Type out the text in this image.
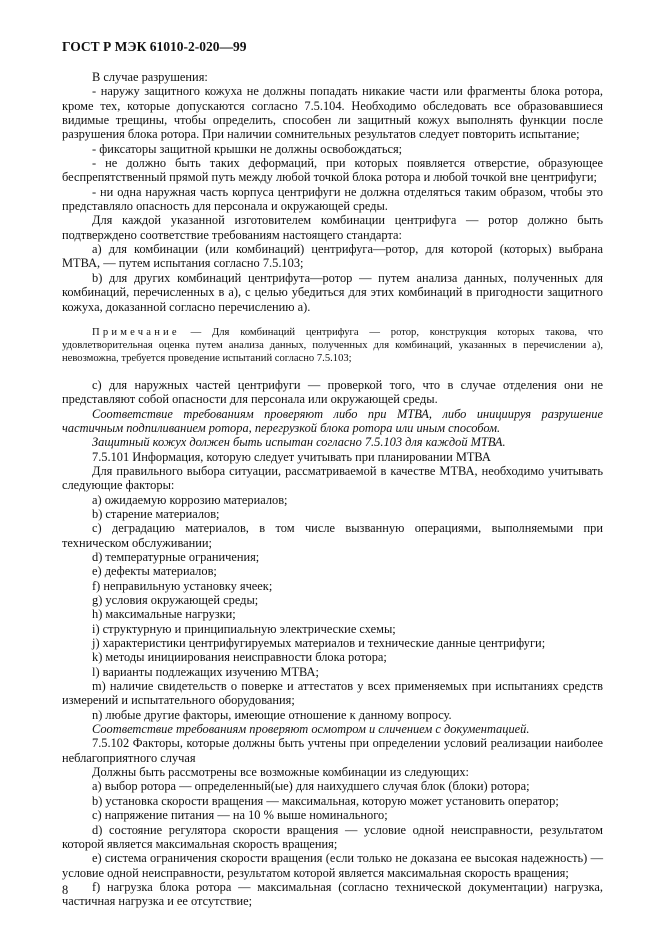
ГОСТ Р МЭК 61010-2-020—99

В случае разрушения:

- наружу защитного кожуха не должны попадать никакие части или фрагменты блока ротора, кроме тех, которые допускаются согласно 7.5.104. Необходимо обследовать все образовавшиеся видимые трещины, чтобы определить, способен ли защитный кожух выполнять функции после разрушения блока ротора. При наличии сомнительных результатов следует повторить испытание;

- фиксаторы защитной крышки не должны освобождаться;

- не должно быть таких деформаций, при которых появляется отверстие, образующее беспрепятственный прямой путь между любой точкой блока ротора и любой точкой вне центрифуги;

- ни одна наружная часть корпуса центрифуги не должна отделяться таким образом, чтобы это представляло опасность для персонала и окружающей среды.

Для каждой указанной изготовителем комбинации центрифуга — ротор должно быть подтверждено соответствие требованиям настоящего стандарта:

a) для комбинации (или комбинаций) центрифуга—ротор, для которой (которых) выбрана МТВА, — путем испытания согласно 7.5.103;

b) для других комбинаций центрифута—ротор — путем анализа данных, полученных для комбинаций, перечисленных в а), с целью убедиться для этих комбинаций в пригодности защитного кожуха, доказанной согласно перечислению а).

Примечание — Для комбинаций центрифуга — ротор, конструкция которых такова, что удовлетворительная оценка путем анализа данных, полученных для комбинаций, указанных в перечислении а), невозможна, требуется проведение испытаний согласно 7.5.103;

c) для наружных частей центрифуги — проверкой того, что в случае отделения они не представляют собой опасности для персонала или окружающей среды.

Соответствие требованиям проверяют либо при МТВА, либо инициируя разрушение частичным подпиливанием ротора, перегрузкой блока ротора или иным способом.

Защитный кожух должен быть испытан согласно 7.5.103 для каждой МТВА.

7.5.101 Информация, которую следует учитывать при планировании МТВА

Для правильного выбора ситуации, рассматриваемой в качестве МТВА, необходимо учитывать следующие факторы:

a) ожидаемую коррозию материалов;

b) старение материалов;

c) деградацию материалов, в том числе вызванную операциями, выполняемыми при техническом обслуживании;

d) температурные ограничения;

e) дефекты материалов;

f) неправильную установку ячеек;

g) условия окружающей среды;

h) максимальные нагрузки;

i) структурную и принципиальную электрические схемы;

j) характеристики центрифугируемых материалов и технические данные центрифуги;

k) методы инициирования неисправности блока ротора;

l) варианты подлежащих изучению МТВА;

m) наличие свидетельств о поверке и аттестатов у всех применяемых при испытаниях средств измерений и испытательного оборудования;

n) любые другие факторы, имеющие отношение к данному вопросу.

Соответствие требованиям проверяют осмотром и сличением с документацией.

7.5.102 Факторы, которые должны быть учтены при определении условий реализации наиболее неблагоприятного случая

Должны быть рассмотрены все возможные комбинации из следующих:

a) выбор ротора — определенный(ые) для наихудшего случая блок (блоки) ротора;

b) установка скорости вращения — максимальная, которую может установить оператор;

c) напряжение питания — на 10 % выше номинального;

d) состояние регулятора скорости вращения — условие одной неисправности, результатом которой является максимальная скорость вращения;

e) система ограничения скорости вращения (если только не доказана ее высокая надежность) — условие одной неисправности, результатом которой является максимальная скорость вращения;

f) нагрузка блока ротора — максимальная (согласно технической документации) нагрузка, частичная нагрузка и ее отсутствие;

8
